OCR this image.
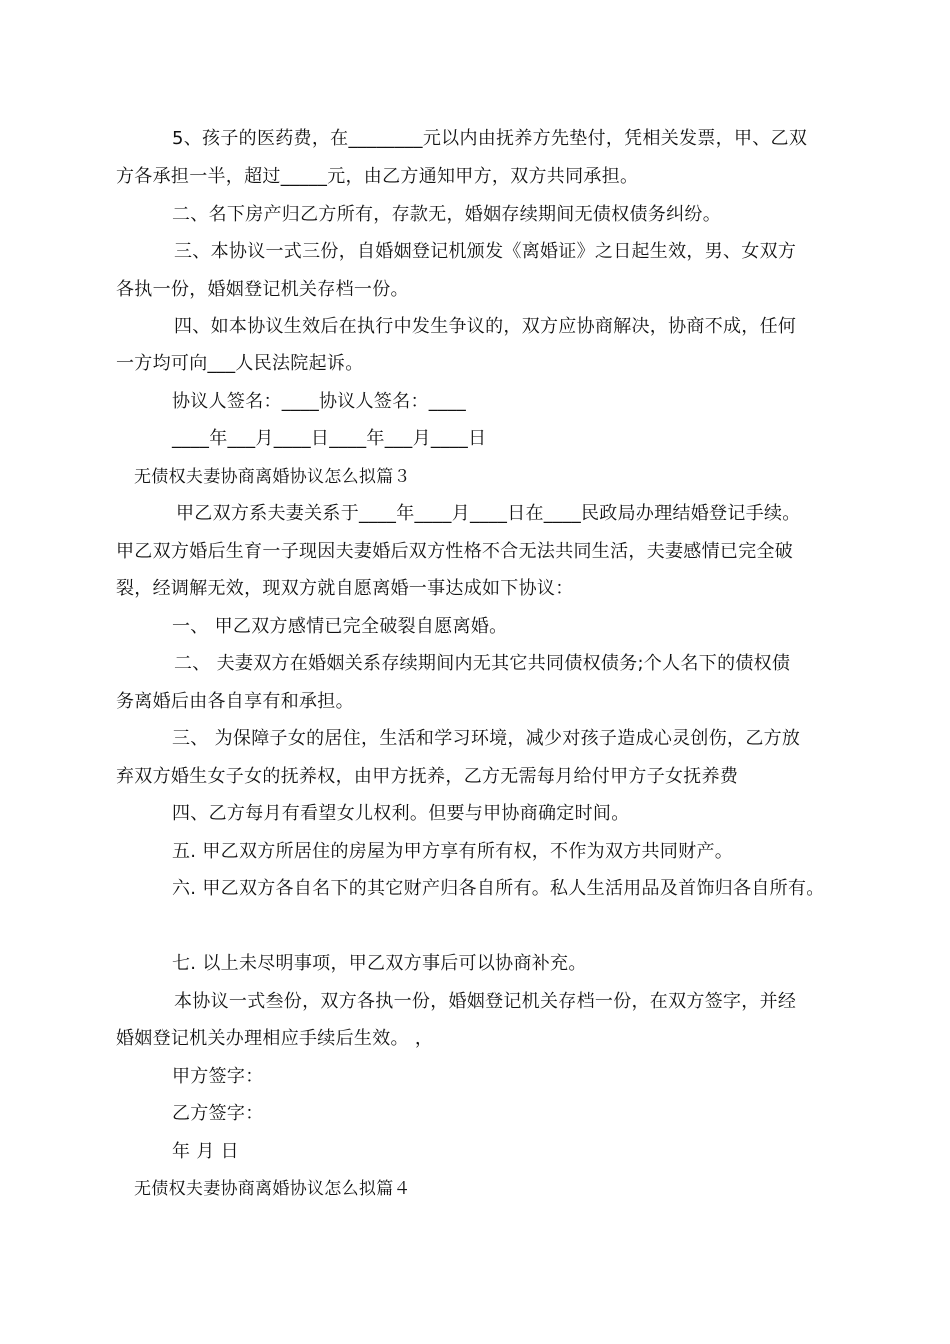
5、孩子的医药费，在________元以内由抚养方先垫付，凭相关发票，甲、乙双
方各承担一半，超过_____元，由乙方通知甲方，双方共同承担。
二、名下房产归乙方所有，存款无，婚姻存续期间无债权债务纠纷。
三、本协议一式三份，自婚姻登记机颁发《离婚证》之日起生效，男、女双方
各执一份，婚姻登记机关存档一份。
四、如本协议生效后在执行中发生争议的，双方应协商解决，协商不成，任何
一方均可向___人民法院起诉。
协议人签名：____协议人签名：____
____年___月____日____年___月____日
无债权夫妻协商离婚协议怎么拟篇３
甲乙双方系夫妻关系于____年____月____日在____民政局办理结婚登记手续。
甲乙双方婚后生育一子现因夫妻婚后双方性格不合无法共同生活，夫妻感情已完全破
裂，经调解无效，现双方就自愿离婚一事达成如下协议：
一、 甲乙双方感情已完全破裂自愿离婚。
二、 夫妻双方在婚姻关系存续期间内无其它共同债权债务;个人名下的债权债
务离婚后由各自享有和承担。
三、 为保障子女的居住，生活和学习环境，减少对孩子造成心灵创伤，乙方放
弃双方婚生女子女的抚养权，由甲方抚养，乙方无需每月给付甲方子女抚养费
四、乙方每月有看望女儿权利。但要与甲协商确定时间。
五. 甲乙双方所居住的房屋为甲方享有所有权，不作为双方共同财产。
六. 甲乙双方各自名下的其它财产归各自所有。私人生活用品及首饰归各自所有。
七. 以上未尽明事项，甲乙双方事后可以协商补充。
本协议一式叁份，双方各执一份，婚姻登记机关存档一份，在双方签字，并经
婚姻登记机关办理相应手续后生效。 ，
甲方签字：
乙方签字：
年 月 日
无债权夫妻协商离婚协议怎么拟篇４
